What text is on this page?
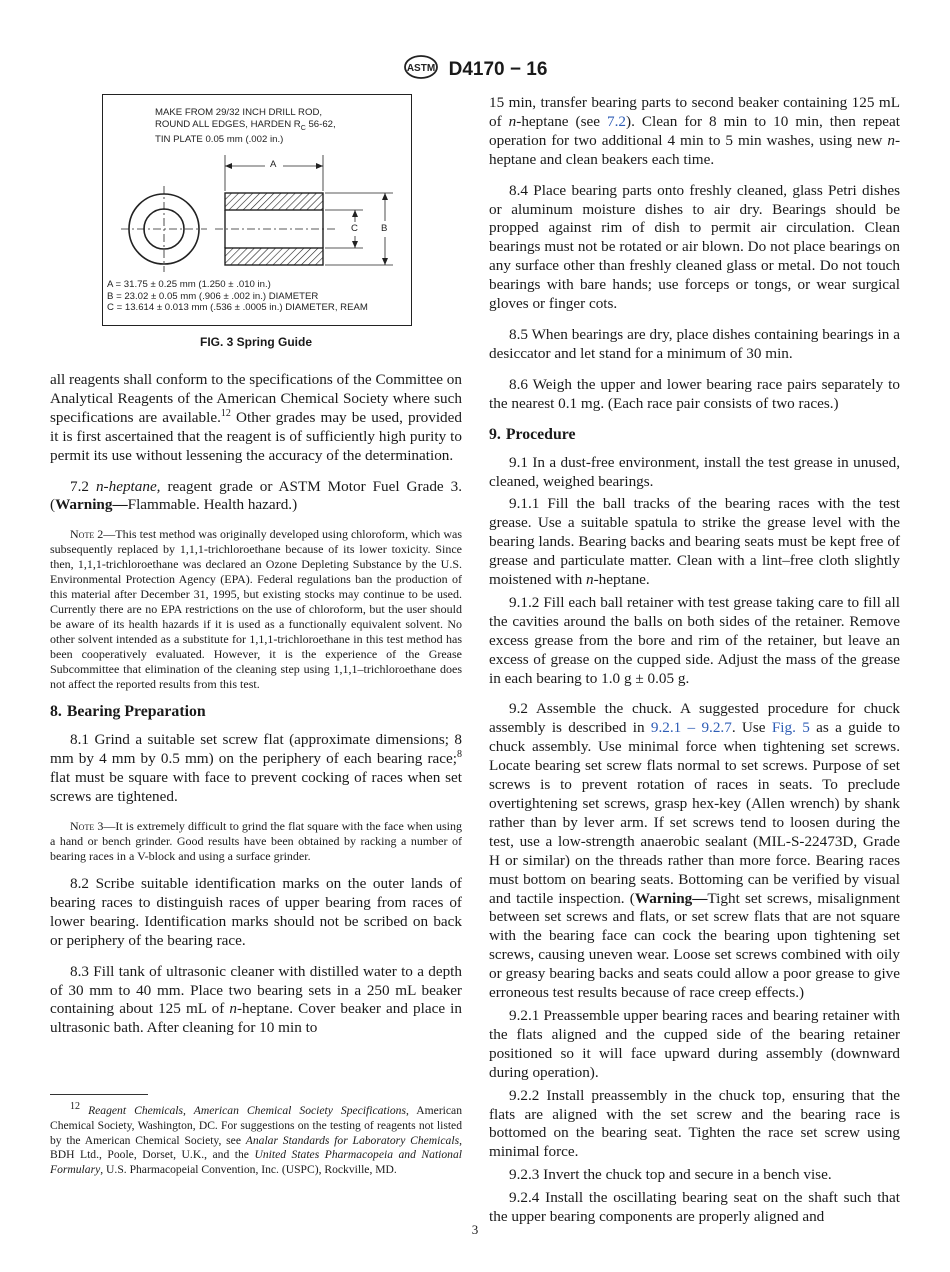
ASTM D4170 − 16
MAKE FROM 29/32 INCH DRILL ROD,
ROUND ALL EDGES, HARDEN $R_C$ 56-62,
TIN PLATE 0.05 mm (.002 in.)
A
C B
A = 31.75 ± 0.25 mm (1.250 ± .010 in.)
B = 23.02 ± 0.05 mm (.906 ± .002 in.) DIAMETER
C = 13.614 ± 0.013 mm (.536 ± .0005 in.) DIAMETER, REAM
FIG. 3 Spring Guide

all reagents shall conform to the specifications of the Committee on Analytical Reagents of the American Chemical Society where such specifications are available.$^{12}$ Other grades may be used, provided it is first ascertained that the reagent is of sufficiently high purity to permit its use without lessening the accuracy of the determination.

7.2 n-heptane, reagent grade or ASTM Motor Fuel Grade 3. (Warning—Flammable. Health hazard.)

Note 2—This test method was originally developed using chloroform, which was subsequently replaced by 1,1,1-trichloroethane because of its lower toxicity. Since then, 1,1,1-trichloroethane was declared an Ozone Depleting Substance by the U.S. Environmental Protection Agency (EPA). Federal regulations ban the production of this material after December 31, 1995, but existing stocks may continue to be used. Currently there are no EPA restrictions on the use of chloroform, but the user should be aware of its health hazards if it is used as a functionally equivalent solvent. No other solvent intended as a substitute for 1,1,1-trichloroethane in this test method has been cooperatively evaluated. However, it is the experience of the Grease Subcommittee that elimination of the cleaning step using 1,1,1–trichloroethane does not affect the reported results from this test.
8. Bearing Preparation

8.1 Grind a suitable set screw flat (approximate dimensions; 8 mm by 4 mm by 0.5 mm) on the periphery of each bearing race;$^8$ flat must be square with face to prevent cocking of races when set screws are tightened.

Note 3—It is extremely difficult to grind the flat square with the face when using a hand or bench grinder. Good results have been obtained by racking a number of bearing races in a V-block and using a surface grinder.

8.2 Scribe suitable identification marks on the outer lands of bearing races to distinguish races of upper bearing from races of lower bearing. Identification marks should not be scribed on back or periphery of the bearing race.

8.3 Fill tank of ultrasonic cleaner with distilled water to a depth of 30 mm to 40 mm. Place two bearing sets in a 250 mL beaker containing about 125 mL of n-heptane. Cover beaker and place in ultrasonic bath. After cleaning for 10 min to

$^{12}$ Reagent Chemicals, American Chemical Society Specifications, American Chemical Society, Washington, DC. For suggestions on the testing of reagents not listed by the American Chemical Society, see Analar Standards for Laboratory Chemicals, BDH Ltd., Poole, Dorset, U.K., and the United States Pharmacopeia and National Formulary, U.S. Pharmacopeial Convention, Inc. (USPC), Rockville, MD.

15 min, transfer bearing parts to second beaker containing 125 mL of n-heptane (see 7.2). Clean for 8 min to 10 min, then repeat operation for two additional 4 min to 5 min washes, using new n-heptane and clean beakers each time.

8.4 Place bearing parts onto freshly cleaned, glass Petri dishes or aluminum moisture dishes to air dry. Bearings should be propped against rim of dish to permit air circulation. Clean bearings must not be rotated or air blown. Do not place bearings on any surface other than freshly cleaned glass or metal. Do not touch bearings with bare hands; use forceps or tongs, or wear surgical gloves or finger cots.

8.5 When bearings are dry, place dishes containing bearings in a desiccator and let stand for a minimum of 30 min.

8.6 Weigh the upper and lower bearing race pairs separately to the nearest 0.1 mg. (Each race pair consists of two races.)

9. Procedure

9.1 In a dust-free environment, install the test grease in unused, cleaned, weighed bearings.

9.1.1 Fill the ball tracks of the bearing races with the test grease. Use a suitable spatula to strike the grease level with the bearing lands. Bearing backs and bearing seats must be kept free of grease and particulate matter. Clean with a lint–free cloth slightly moistened with n-heptane.

9.1.2 Fill each ball retainer with test grease taking care to fill all the cavities around the balls on both sides of the retainer. Remove excess grease from the bore and rim of the retainer, but leave an excess of grease on the cupped side. Adjust the mass of the grease in each bearing to 1.0 g ± 0.05 g.

9.2 Assemble the chuck. A suggested procedure for chuck assembly is described in 9.2.1 – 9.2.7. Use Fig. 5 as a guide to chuck assembly. Use minimal force when tightening set screws. Locate bearing set screw flats normal to set screws. Purpose of set screws is to prevent rotation of races in seats. To preclude overtightening set screws, grasp hex-key (Allen wrench) by shank rather than by lever arm. If set screws tend to loosen during the test, use a low-strength anaerobic sealant (MIL-S-22473D, Grade H or similar) on the threads rather than more force. Bearing races must bottom on bearing seats. Bottoming can be verified by visual and tactile inspection. (Warning—Tight set screws, misalignment between set screws and flats, or set screw flats that are not square with the bearing face can cock the bearing upon tightening set screws, causing uneven wear. Loose set screws combined with oily or greasy bearing backs and seats could allow a poor grease to give erroneous test results because of race creep effects.)

9.2.1 Preassemble upper bearing races and bearing retainer with the flats aligned and the cupped side of the bearing retainer positioned so it will face upward during assembly (downward during operation).

9.2.2 Install preassembly in the chuck top, ensuring that the flats are aligned with the set screw and the bearing race is bottomed on the bearing seat. Tighten the race set screw using minimal force.

9.2.3 Invert the chuck top and secure in a bench vise.

9.2.4 Install the oscillating bearing seat on the shaft such that the upper bearing components are properly aligned and

3
